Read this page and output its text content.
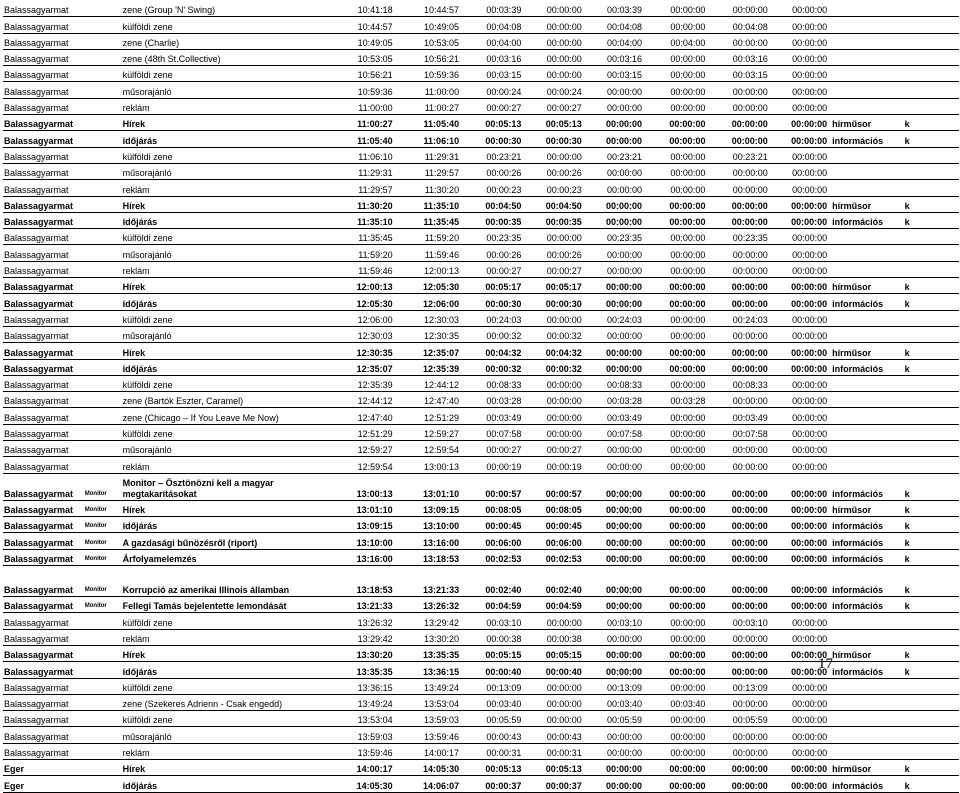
Balassagyarmat		zene (Group 'N' Swing)	10:41:18	10:44:57	00:03:39	00:00:00	00:03:39	00:00:00	00:00:00	00:00:00		
Balassagyarmat		külföldi zene	10:44:57	10:49:05	00:04:08	00:00:00	00:04:08	00:00:00	00:04:08	00:00:00		
Balassagyarmat		zene (Charlie)	10:49:05	10:53:05	00:04:00	00:00:00	00:04:00	00:04:00	00:00:00	00:00:00		
Balassagyarmat		zene (48th St.Collective)	10:53:05	10:56:21	00:03:16	00:00:00	00:03:16	00:00:00	00:03:16	00:00:00		
Balassagyarmat		külföldi zene	10:56:21	10:59:36	00:03:15	00:00:00	00:03:15	00:00:00	00:03:15	00:00:00		
Balassagyarmat		műsorajánló	10:59:36	11:00:00	00:00:24	00:00:24	00:00:00	00:00:00	00:00:00	00:00:00		
Balassagyarmat		reklám	11:00:00	11:00:27	00:00:27	00:00:27	00:00:00	00:00:00	00:00:00	00:00:00		
Balassagyarmat		Hírek	11:00:27	11:05:40	00:05:13	00:05:13	00:00:00	00:00:00	00:00:00	00:00:00	hírműsor	k
Balassagyarmat		időjárás	11:05:40	11:06:10	00:00:30	00:00:30	00:00:00	00:00:00	00:00:00	00:00:00	információs	k
Balassagyarmat		külföldi zene	11:06:10	11:29:31	00:23:21	00:00:00	00:23:21	00:00:00	00:23:21	00:00:00		
Balassagyarmat		műsorajánló	11:29:31	11:29:57	00:00:26	00:00:26	00:00:00	00:00:00	00:00:00	00:00:00		
Balassagyarmat		reklám	11:29:57	11:30:20	00:00:23	00:00:23	00:00:00	00:00:00	00:00:00	00:00:00		
Balassagyarmat		Hírek	11:30:20	11:35:10	00:04:50	00:04:50	00:00:00	00:00:00	00:00:00	00:00:00	hírműsor	k
Balassagyarmat		időjárás	11:35:10	11:35:45	00:00:35	00:00:35	00:00:00	00:00:00	00:00:00	00:00:00	információs	k
Balassagyarmat		külföldi zene	11:35:45	11:59:20	00:23:35	00:00:00	00:23:35	00:00:00	00:23:35	00:00:00		
Balassagyarmat		műsorajánló	11:59:20	11:59:46	00:00:26	00:00:26	00:00:00	00:00:00	00:00:00	00:00:00		
Balassagyarmat		reklám	11:59:46	12:00:13	00:00:27	00:00:27	00:00:00	00:00:00	00:00:00	00:00:00		
Balassagyarmat		Hírek	12:00:13	12:05:30	00:05:17	00:05:17	00:00:00	00:00:00	00:00:00	00:00:00	hírműsor	k
Balassagyarmat		időjárás	12:05:30	12:06:00	00:00:30	00:00:30	00:00:00	00:00:00	00:00:00	00:00:00	információs	k
Balassagyarmat		külföldi zene	12:06:00	12:30:03	00:24:03	00:00:00	00:24:03	00:00:00	00:24:03	00:00:00		
Balassagyarmat		műsorajánló	12:30:03	12:30:35	00:00:32	00:00:32	00:00:00	00:00:00	00:00:00	00:00:00		
Balassagyarmat		Hírek	12:30:35	12:35:07	00:04:32	00:04:32	00:00:00	00:00:00	00:00:00	00:00:00	hírműsor	k
Balassagyarmat		időjárás	12:35:07	12:35:39	00:00:32	00:00:32	00:00:00	00:00:00	00:00:00	00:00:00	információs	k
Balassagyarmat		külföldi zene	12:35:39	12:44:12	00:08:33	00:00:00	00:08:33	00:00:00	00:08:33	00:00:00		
Balassagyarmat		zene (Bartók Eszter, Caramel)	12:44:12	12:47:40	00:03:28	00:00:00	00:03:28	00:03:28	00:00:00	00:00:00		
Balassagyarmat		zene (Chicago – If You Leave Me Now)	12:47:40	12:51:29	00:03:49	00:00:00	00:03:49	00:00:00	00:03:49	00:00:00		
Balassagyarmat		külföldi zene	12:51:29	12:59:27	00:07:58	00:00:00	00:07:58	00:00:00	00:07:58	00:00:00		
Balassagyarmat		műsorajánló	12:59:27	12:59:54	00:00:27	00:00:27	00:00:00	00:00:00	00:00:00	00:00:00		
Balassagyarmat		reklám	12:59:54	13:00:13	00:00:19	00:00:19	00:00:00	00:00:00	00:00:00	00:00:00		
Balassagyarmat	Monitor	Monitor – Ösztönözni kell a magyar megtakarításokat	13:00:13	13:01:10	00:00:57	00:00:57	00:00:00	00:00:00	00:00:00	00:00:00	információs	k
Balassagyarmat	Monitor	Hírek	13:01:10	13:09:15	00:08:05	00:08:05	00:00:00	00:00:00	00:00:00	00:00:00	hírműsor	k
Balassagyarmat	Monitor	időjárás	13:09:15	13:10:00	00:00:45	00:00:45	00:00:00	00:00:00	00:00:00	00:00:00	információs	k
Balassagyarmat	Monitor	A gazdasági bűnözésről (riport)	13:10:00	13:16:00	00:06:00	00:06:00	00:00:00	00:00:00	00:00:00	00:00:00	információs	k
Balassagyarmat	Monitor	Árfolyamelemzés	13:16:00	13:18:53	00:02:53	00:02:53	00:00:00	00:00:00	00:00:00	00:00:00	információs	k

Balassagyarmat	Monitor	Korrupció az amerikai Illinois államban	13:18:53	13:21:33	00:02:40	00:02:40	00:00:00	00:00:00	00:00:00	00:00:00	információs	k
Balassagyarmat	Monitor	Fellegi Tamás bejelentette lemondását	13:21:33	13:26:32	00:04:59	00:04:59	00:00:00	00:00:00	00:00:00	00:00:00	információs	k
Balassagyarmat		külföldi zene	13:26:32	13:29:42	00:03:10	00:00:00	00:03:10	00:00:00	00:03:10	00:00:00		
Balassagyarmat		reklám	13:29:42	13:30:20	00:00:38	00:00:38	00:00:00	00:00:00	00:00:00	00:00:00		
Balassagyarmat		Hírek	13:30:20	13:35:35	00:05:15	00:05:15	00:00:00	00:00:00	00:00:00	00:00:00	hírműsor	k
Balassagyarmat		időjárás	13:35:35	13:36:15	00:00:40	00:00:40	00:00:00	00:00:00	00:00:00	00:00:00	információs	k
Balassagyarmat		külföldi zene	13:36:15	13:49:24	00:13:09	00:00:00	00:13:09	00:00:00	00:13:09	00:00:00		
Balassagyarmat		zene (Szekeres Adrienn - Csak engedd)	13:49:24	13:53:04	00:03:40	00:00:00	00:03:40	00:03:40	00:00:00	00:00:00		
Balassagyarmat		külföldi zene	13:53:04	13:59:03	00:05:59	00:00:00	00:05:59	00:00:00	00:05:59	00:00:00		
Balassagyarmat		műsorajánló	13:59:03	13:59:46	00:00:43	00:00:43	00:00:00	00:00:00	00:00:00	00:00:00		
Balassagyarmat		reklám	13:59:46	14:00:17	00:00:31	00:00:31	00:00:00	00:00:00	00:00:00	00:00:00		
Eger		Hírek	14:00:17	14:05:30	00:05:13	00:05:13	00:00:00	00:00:00	00:00:00	00:00:00	hírműsor	k
Eger		időjárás	14:05:30	14:06:07	00:00:37	00:00:37	00:00:00	00:00:00	00:00:00	00:00:00	információs	k
17
